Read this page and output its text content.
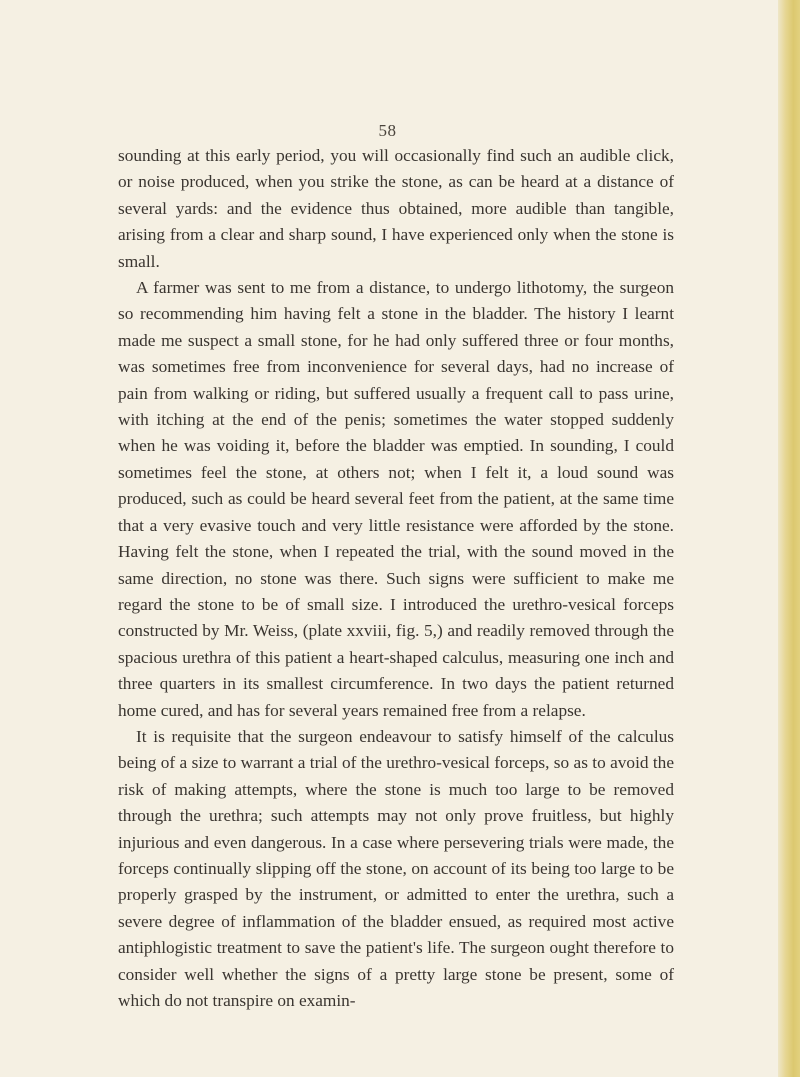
58

sounding at this early period, you will occasionally find such an audible click, or noise produced, when you strike the stone, as can be heard at a distance of several yards: and the evidence thus obtained, more audible than tangible, arising from a clear and sharp sound, I have experienced only when the stone is small.

A farmer was sent to me from a distance, to undergo lithotomy, the surgeon so recommending him having felt a stone in the bladder. The history I learnt made me suspect a small stone, for he had only suffered three or four months, was sometimes free from inconvenience for several days, had no increase of pain from walking or riding, but suffered usually a frequent call to pass urine, with itching at the end of the penis; sometimes the water stopped suddenly when he was voiding it, before the bladder was emptied. In sounding, I could sometimes feel the stone, at others not; when I felt it, a loud sound was produced, such as could be heard several feet from the patient, at the same time that a very evasive touch and very little resistance were afforded by the stone. Having felt the stone, when I repeated the trial, with the sound moved in the same direction, no stone was there. Such signs were sufficient to make me regard the stone to be of small size. I introduced the urethro-vesical forceps constructed by Mr. Weiss, (plate xxviii, fig. 5,) and readily removed through the spacious urethra of this patient a heart-shaped calculus, measuring one inch and three quarters in its smallest circumference. In two days the patient returned home cured, and has for several years remained free from a relapse.

It is requisite that the surgeon endeavour to satisfy himself of the calculus being of a size to warrant a trial of the urethro-vesical forceps, so as to avoid the risk of making attempts, where the stone is much too large to be removed through the urethra; such attempts may not only prove fruitless, but highly injurious and even dangerous. In a case where persevering trials were made, the forceps continually slipping off the stone, on account of its being too large to be properly grasped by the instrument, or admitted to enter the urethra, such a severe degree of inflammation of the bladder ensued, as required most active antiphlogistic treatment to save the patient's life. The surgeon ought therefore to consider well whether the signs of a pretty large stone be present, some of which do not transpire on examin-
